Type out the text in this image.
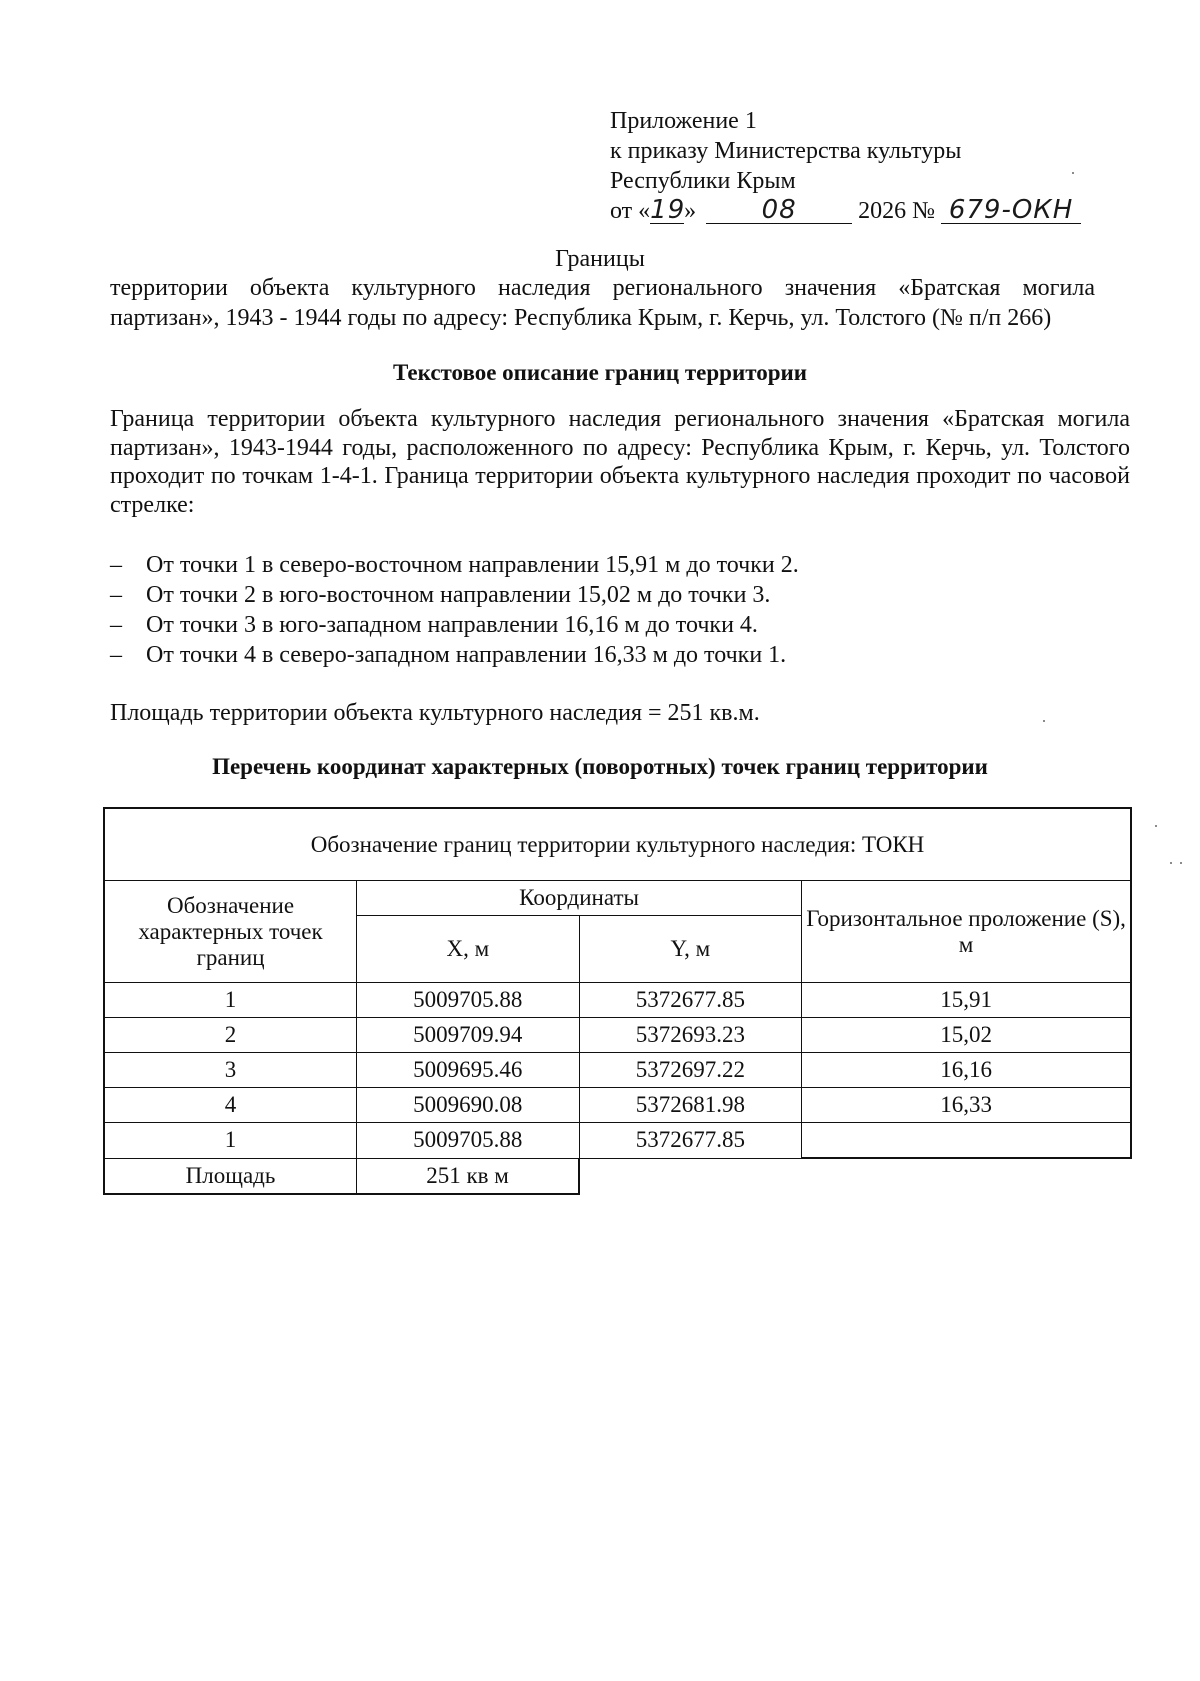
Приложение 1
к приказу Министерства культуры
Республики Крым
от «19»	08	2026 № 679-ОКН
Границы
территории объекта культурного наследия регионального значения «Братская могила партизан», 1943 - 1944 годы по адресу: Республика Крым, г. Керчь, ул. Толстого (№ п/п 266)
Текстовое описание границ территории
Граница территории объекта культурного наследия регионального значения «Братская могила партизан», 1943-1944 годы, расположенного по адресу: Республика Крым, г. Керчь, ул. Толстого проходит по точкам 1-4-1. Граница территории объекта культурного наследия проходит по часовой стрелке:
– От точки 1 в северо-восточном направлении 15,91 м до точки 2.
– От точки 2 в юго-восточном направлении 15,02 м до точки 3.
– От точки 3 в юго-западном направлении 16,16 м до точки 4.
– От точки 4 в северо-западном направлении 16,33 м до точки 1.
Площадь территории объекта культурного наследия = 251 кв.м.
Перечень координат характерных (поворотных) точек границ территории
Обозначение границ территории культурного наследия: ТОКН			
Обозначение характерных точек границ	Координаты		Горизонтальное проложение (S), м
	X, м	Y, м	
1	5009705.88	5372677.85	15,91
2	5009709.94	5372693.23	15,02
3	5009695.46	5372697.22	16,16
4	5009690.08	5372681.98	16,33
1	5009705.88	5372677.85	
Площадь	251 кв м		
